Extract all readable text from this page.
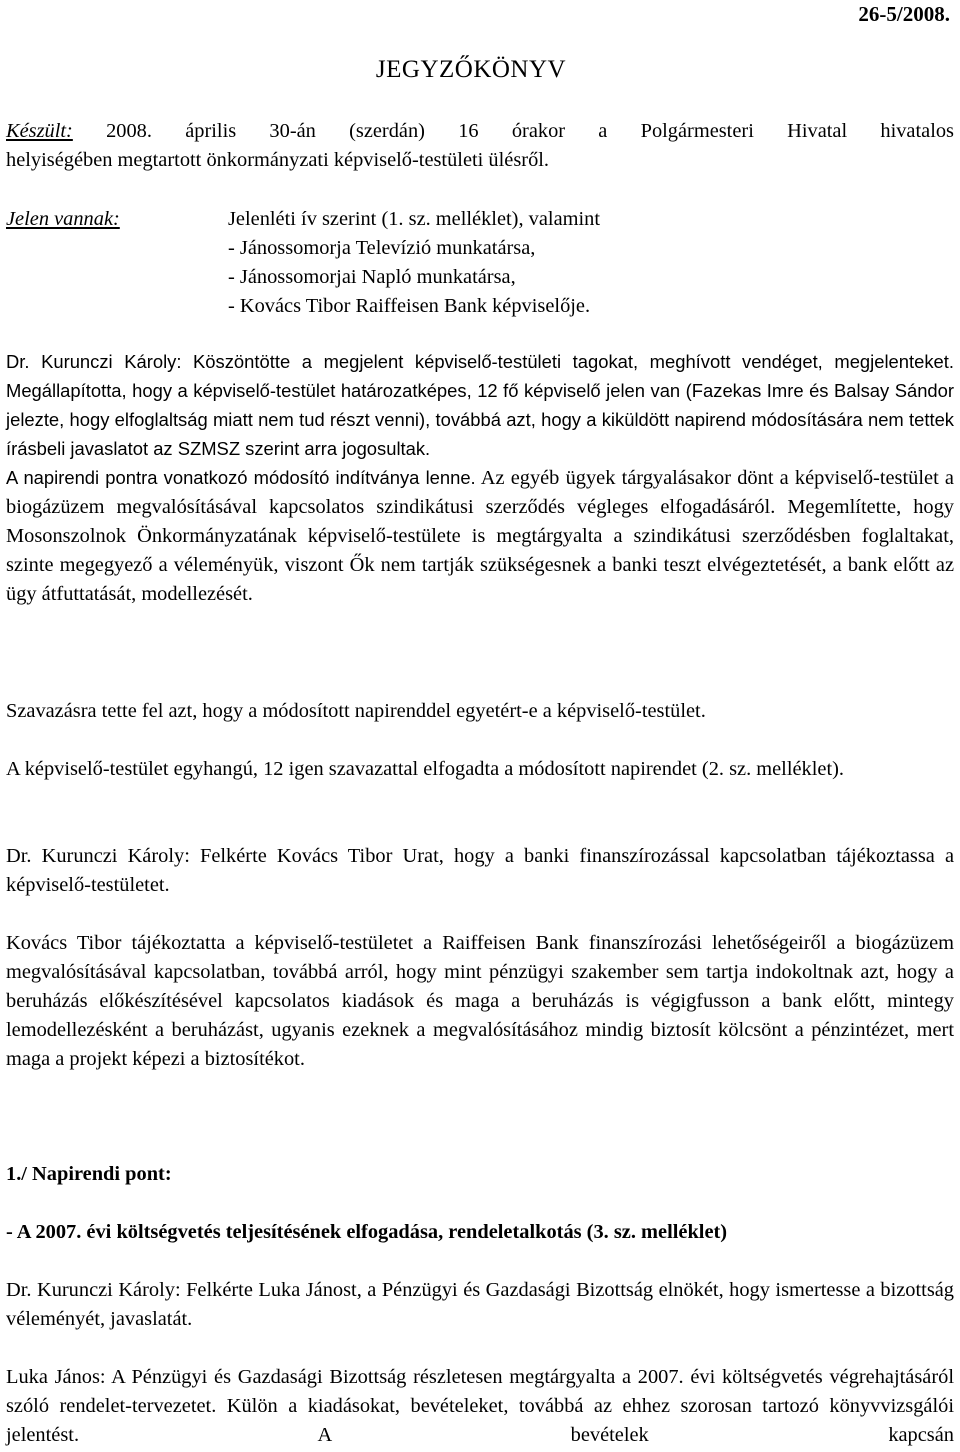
26-5/2008.
JEGYZŐKÖNYV

Készült: 2008. április 30-án (szerdán) 16 órakor a Polgármesteri Hivatal hivatalos

helyiségében megtartott önkormányzati képviselő-testületi ülésről.

Jelen vannak:	Jelenléti ív szerint (1. sz. melléklet), valamint
- Jánossomorja Televízió munkatársa,
- Jánossomorjai Napló munkatársa,
- Kovács Tibor Raiffeisen Bank képviselője.

Dr. Kurunczi Károly: Köszöntötte a megjelent képviselő-testületi tagokat, meghívott vendéget, megjelenteket. Megállapította, hogy a képviselő-testület határozatképes, 12 fő képviselő jelen van (Fazekas Imre és Balsay Sándor jelezte, hogy elfoglaltság miatt nem tud részt venni), továbbá azt, hogy a kiküldött napirend módosítására nem tettek írásbeli javaslatot az SZMSZ szerint arra jogosultak.

A napirendi pontra vonatkozó módosító indítványa lenne. Az egyéb ügyek tárgyalásakor dönt a képviselő-testület a biogázüzem megvalósításával kapcsolatos szindikátusi szerződés végleges elfogadásáról. Megemlítette, hogy Mosonszolnok Önkormányzatának képviselő-testülete is megtárgyalta a szindikátusi szerződésben foglaltakat, szinte megegyező a véleményük, viszont Ők nem tartják szükségesnek a banki teszt elvégeztetését, a bank előtt az ügy átfuttatását, modellezését.

Szavazásra tette fel azt, hogy a módosított napirenddel egyetért-e a képviselő-testület.

A képviselő-testület egyhangú, 12 igen szavazattal elfogadta a módosított napirendet (2. sz. melléklet).

Dr. Kurunczi Károly: Felkérte Kovács Tibor Urat, hogy a banki finanszírozással kapcsolatban tájékoztassa a képviselő-testületet.

Kovács Tibor tájékoztatta a képviselő-testületet a Raiffeisen Bank finanszírozási lehetőségeiről a biogázüzem megvalósításával kapcsolatban, továbbá arról, hogy mint pénzügyi szakember sem tartja indokoltnak azt, hogy a beruházás előkészítésével kapcsolatos kiadások és maga a beruházás is végigfusson a bank előtt, mintegy lemodellezésként a beruházást, ugyanis ezeknek a megvalósításához mindig biztosít kölcsönt a pénzintézet, mert maga a projekt képezi a biztosítékot.

1./ Napirendi pont:

- A 2007. évi költségvetés teljesítésének elfogadása, rendeletalkotás (3. sz. melléklet)

Dr. Kurunczi Károly: Felkérte Luka Jánost, a Pénzügyi és Gazdasági Bizottság elnökét, hogy ismertesse a bizottság véleményét, javaslatát.

Luka János: A Pénzügyi és Gazdasági Bizottság részletesen megtárgyalta a 2007. évi költségvetés végrehajtásáról szóló rendelet-tervezetet. Külön a kiadásokat, bevételeket, továbbá az ehhez szorosan tartozó könyvvizsgálói jelentést. A bevételek kapcsán
